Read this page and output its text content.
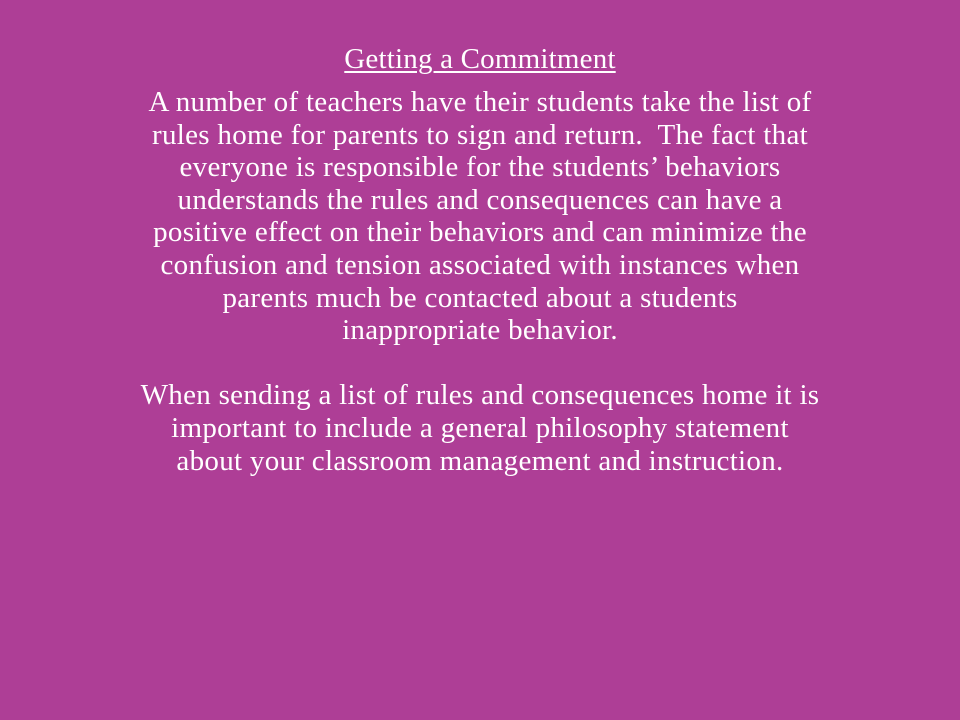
Getting a Commitment

A number of teachers have their students take the list of rules home for parents to sign and return.  The fact that everyone is responsible for the students’ behaviors understands the rules and consequences can have a positive effect on their behaviors and can minimize the confusion and tension associated with instances when parents much be contacted about a students inappropriate behavior.

When sending a list of rules and consequences home it is important to include a general philosophy statement about your classroom management and instruction.
